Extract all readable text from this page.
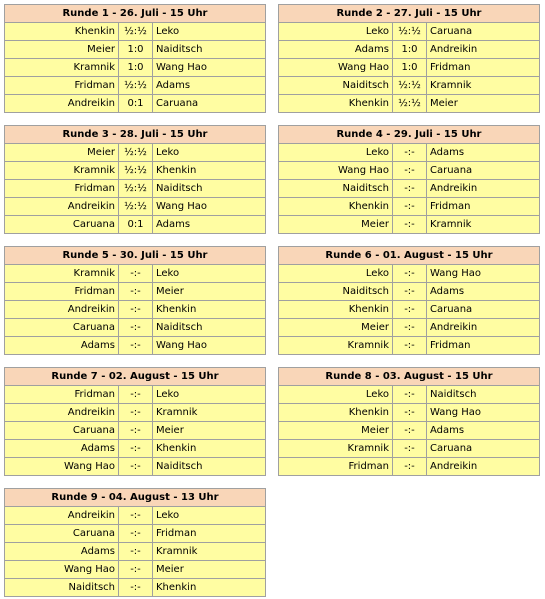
Runde 1 - 26. Juli - 15 Uhr		
Khenkin	½:½	Leko
Meier	1:0	Naiditsch
Kramnik	1:0	Wang Hao
Fridman	½:½	Adams
Andreikin	0:1	Caruana
Runde 2 - 27. Juli - 15 Uhr		
Leko	½:½	Caruana
Adams	1:0	Andreikin
Wang Hao	1:0	Fridman
Naiditsch	½:½	Kramnik
Khenkin	½:½	Meier
Runde 3 - 28. Juli - 15 Uhr		
Meier	½:½	Leko
Kramnik	½:½	Khenkin
Fridman	½:½	Naiditsch
Andreikin	½:½	Wang Hao
Caruana	0:1	Adams
Runde 4 - 29. Juli - 15 Uhr		
Leko	-:-	Adams
Wang Hao	-:-	Caruana
Naiditsch	-:-	Andreikin
Khenkin	-:-	Fridman
Meier	-:-	Kramnik
Runde 5 - 30. Juli - 15 Uhr		
Kramnik	-:-	Leko
Fridman	-:-	Meier
Andreikin	-:-	Khenkin
Caruana	-:-	Naiditsch
Adams	-:-	Wang Hao
Runde 6 - 01. August - 15 Uhr		
Leko	-:-	Wang Hao
Naiditsch	-:-	Adams
Khenkin	-:-	Caruana
Meier	-:-	Andreikin
Kramnik	-:-	Fridman
Runde 7 - 02. August - 15 Uhr		
Fridman	-:-	Leko
Andreikin	-:-	Kramnik
Caruana	-:-	Meier
Adams	-:-	Khenkin
Wang Hao	-:-	Naiditsch
Runde 8 - 03. August - 15 Uhr		
Leko	-:-	Naiditsch
Khenkin	-:-	Wang Hao
Meier	-:-	Adams
Kramnik	-:-	Caruana
Fridman	-:-	Andreikin
Runde 9 - 04. August - 13 Uhr		
Andreikin	-:-	Leko
Caruana	-:-	Fridman
Adams	-:-	Kramnik
Wang Hao	-:-	Meier
Naiditsch	-:-	Khenkin
